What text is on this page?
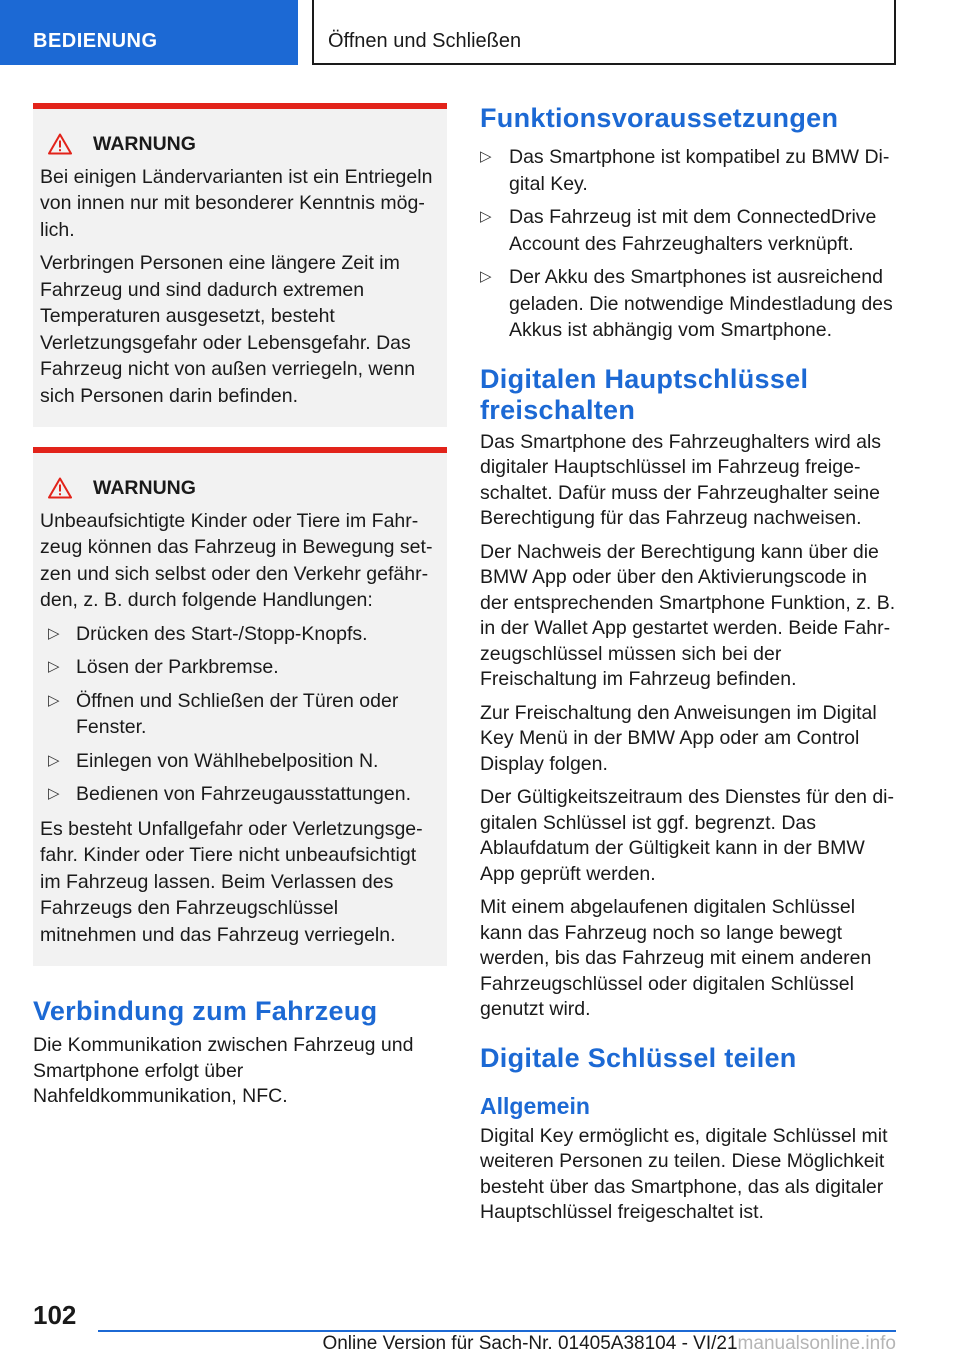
BEDIENUNG	Öffnen und Schließen
WARNUNG

Bei einigen Ländervarianten ist ein Entriegeln von innen nur mit besonderer Kenntnis möglich.

Verbringen Personen eine längere Zeit im Fahrzeug und sind dadurch extremen Temperaturen ausgesetzt, besteht Verletzungsgefahr oder Lebensgefahr. Das Fahrzeug nicht von außen verriegeln, wenn sich Personen darin befinden.

WARNUNG

Unbeaufsichtigte Kinder oder Tiere im Fahrzeug können das Fahrzeug in Bewegung setzen und sich selbst oder den Verkehr gefährden, z. B. durch folgende Handlungen:

▷ Drücken des Start-/Stopp-Knopfs.
▷ Lösen der Parkbremse.
▷ Öffnen und Schließen der Türen oder Fenster.
▷ Einlegen von Wählhebelposition N.
▷ Bedienen von Fahrzeugausstattungen.

Es besteht Unfallgefahr oder Verletzungsgefahr. Kinder oder Tiere nicht unbeaufsichtigt im Fahrzeug lassen. Beim Verlassen des Fahrzeugs den Fahrzeugschlüssel mitnehmen und das Fahrzeug verriegeln.

Verbindung zum Fahrzeug

Die Kommunikation zwischen Fahrzeug und Smartphone erfolgt über Nahfeldkommunikation, NFC.

Funktionsvoraussetzungen
▷ Das Smartphone ist kompatibel zu BMW Digital Key.
▷ Das Fahrzeug ist mit dem ConnectedDrive Account des Fahrzeughalters verknüpft.
▷ Der Akku des Smartphones ist ausreichend geladen. Die notwendige Mindestladung des Akkus ist abhängig vom Smartphone.
Digitalen Hauptschlüssel freischalten

Das Smartphone des Fahrzeughalters wird als digitaler Hauptschlüssel im Fahrzeug freigeschaltet. Dafür muss der Fahrzeughalter seine Berechtigung für das Fahrzeug nachweisen.

Der Nachweis der Berechtigung kann über die BMW App oder über den Aktivierungscode in der entsprechenden Smartphone Funktion, z. B. in der Wallet App gestartet werden. Beide Fahrzeugschlüssel müssen sich bei der Freischaltung im Fahrzeug befinden.

Zur Freischaltung den Anweisungen im Digital Key Menü in der BMW App oder am Control Display folgen.

Der Gültigkeitszeitraum des Dienstes für den digitalen Schlüssel ist ggf. begrenzt. Das Ablaufdatum der Gültigkeit kann in der BMW App geprüft werden.

Mit einem abgelaufenen digitalen Schlüssel kann das Fahrzeug noch so lange bewegt werden, bis das Fahrzeug mit einem anderen Fahrzeugschlüssel oder digitalen Schlüssel genutzt wird.

Digitale Schlüssel teilen
Allgemein

Digital Key ermöglicht es, digitale Schlüssel mit weiteren Personen zu teilen. Diese Möglichkeit besteht über das Smartphone, das als digitaler Hauptschlüssel freigeschaltet ist.

102
Online Version für Sach-Nr. 01405A38104 - VI/21manualsonline.info
